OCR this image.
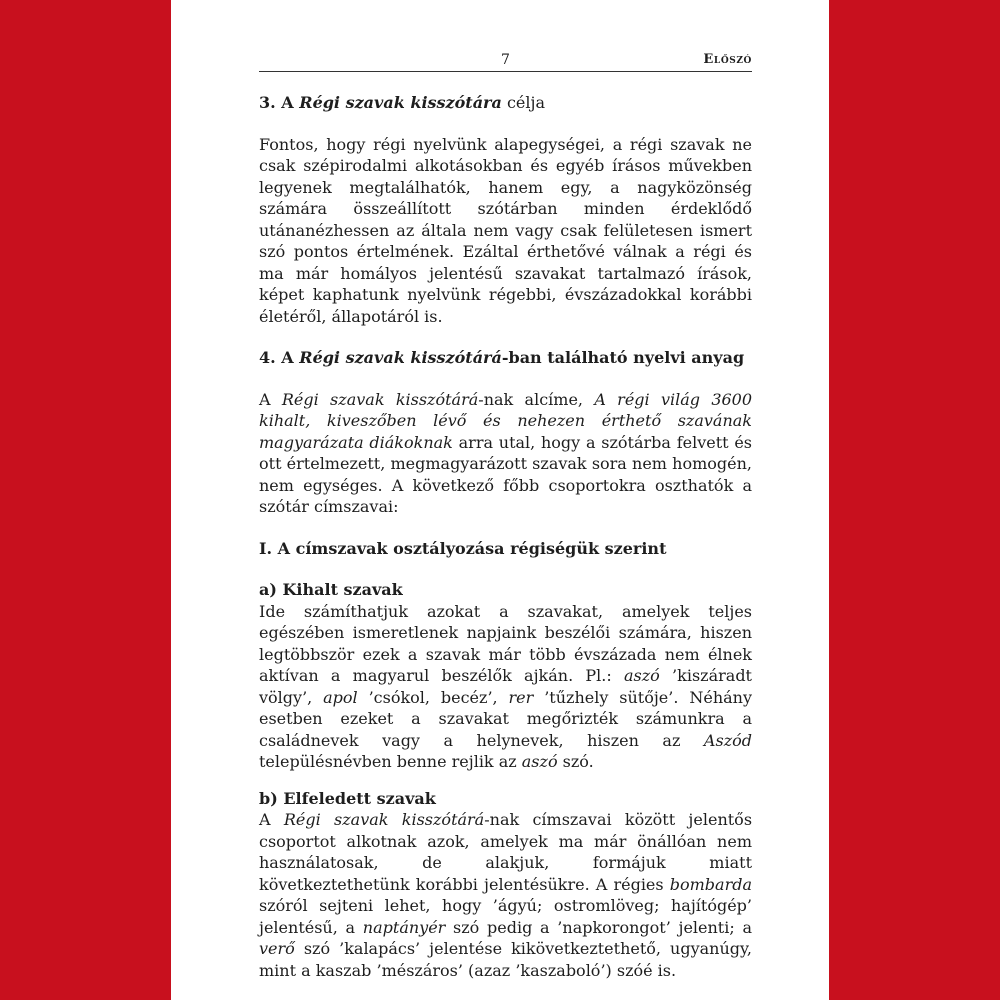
7	Előszó
3. A Régi szavak kisszótára célja

Fontos, hogy régi nyelvünk alapegységei, a régi szavak ne csak szépirodalmi alkotásokban és egyéb írásos művekben legyenek megtalálhatók, hanem egy, a nagyközönség számára összeállított szótárban minden érdeklődő utánanézhessen az általa nem vagy csak felületesen ismert szó pontos értelmének. Ezáltal érthetővé válnak a régi és ma már homályos jelentésű szavakat tartalmazó írások, képet kaphatunk nyelvünk régebbi, évszázadokkal korábbi életéről, állapotáról is.

4. A Régi szavak kisszótárá-ban található nyelvi anyag

A Régi szavak kisszótárá-nak alcíme, A régi világ 3600 kihalt, kiveszőben lévő és nehezen érthető szavának magyarázata diákoknak arra utal, hogy a szótárba felvett és ott értelmezett, megmagyarázott szavak sora nem homogén, nem egységes. A következő főbb csoportokra oszthatók a szótár címszavai:

I. A címszavak osztályozása régiségük szerint
a) Kihalt szavak

Ide számíthatjuk azokat a szavakat, amelyek teljes egészében ismeretlenek napjaink beszélői számára, hiszen legtöbbször ezek a szavak már több évszázada nem élnek aktívan a magyarul beszélők ajkán. Pl.: aszó ’kiszáradt völgy’, apol ’csókol, becéz’, rer ’tűzhely sütője’. Néhány esetben ezeket a szavakat megőrizték számunkra a családnevek vagy a helynevek, hiszen az Aszód településnévben benne rejlik az aszó szó.

b) Elfeledett szavak

A Régi szavak kisszótárá-nak címszavai között jelentős csoportot alkotnak azok, amelyek ma már önállóan nem használatosak, de alakjuk, formájuk miatt következtethetünk korábbi jelentésükre. A régies bombarda szóról sejteni lehet, hogy ’ágyú; ostromlöveg; hajítógép’ jelentésű, a naptányér szó pedig a ’napkorongot’ jelenti; a verő szó ’kalapács’ jelentése kikövetkeztethető, ugyanúgy, mint a kaszab ’mészáros’ (azaz ’kaszaboló’) szóé is.
